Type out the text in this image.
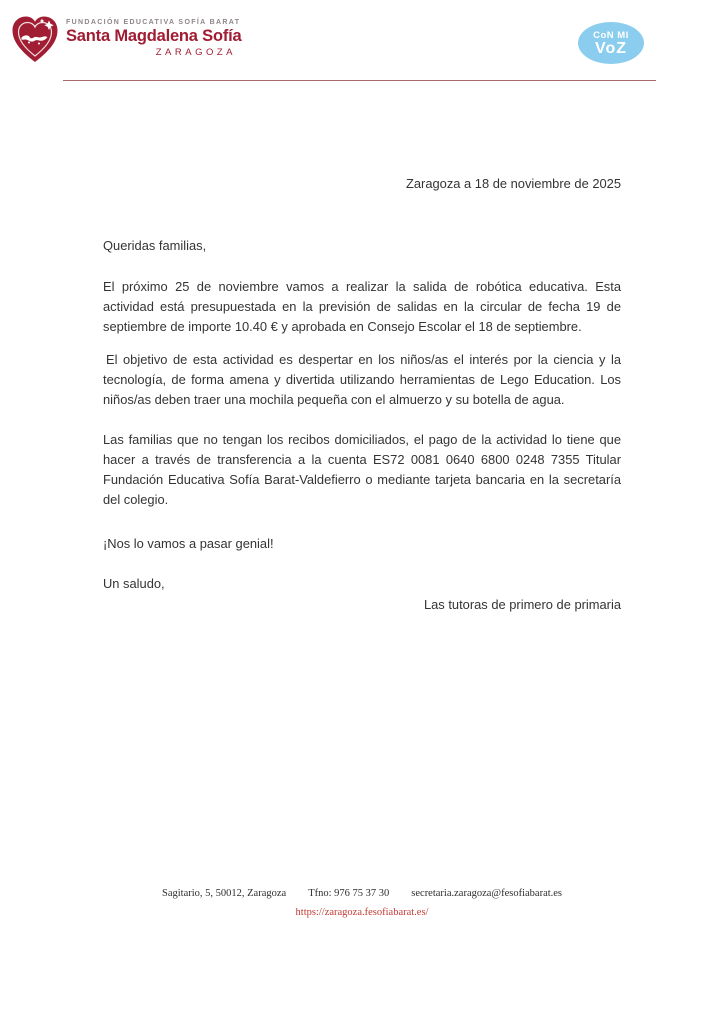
FUNDACIÓN EDUCATIVA SOFÍA BARAT
Santa Magdalena Sofía
ZARAGOZA
CoN MI
VoZ
Zaragoza a 18 de noviembre de 2025
Queridas familias,
El próximo 25 de noviembre vamos a realizar la salida de robótica educativa. Esta actividad está presupuestada en la previsión de salidas en la circular de fecha 19 de septiembre de importe 10.40 € y aprobada en Consejo Escolar el 18 de septiembre.
El objetivo de esta actividad es despertar en los niños/as el interés por la ciencia y la tecnología, de forma amena y divertida utilizando herramientas de Lego Education. Los niños/as deben traer una mochila pequeña con el almuerzo y su botella de agua.
Las familias que no tengan los recibos domiciliados, el pago de la actividad lo tiene que hacer a través de transferencia a la cuenta ES72 0081 0640 6800 0248 7355 Titular Fundación Educativa Sofía Barat-Valdefierro o mediante tarjeta bancaria en la secretaría del colegio.
¡Nos lo vamos a pasar genial!
Un saludo,
Las tutoras de primero de primaria
Sagitario, 5, 50012, Zaragoza Tfno: 976 75 37 30 secretaria.zaragoza@fesofiabarat.es
https://zaragoza.fesofiabarat.es/
